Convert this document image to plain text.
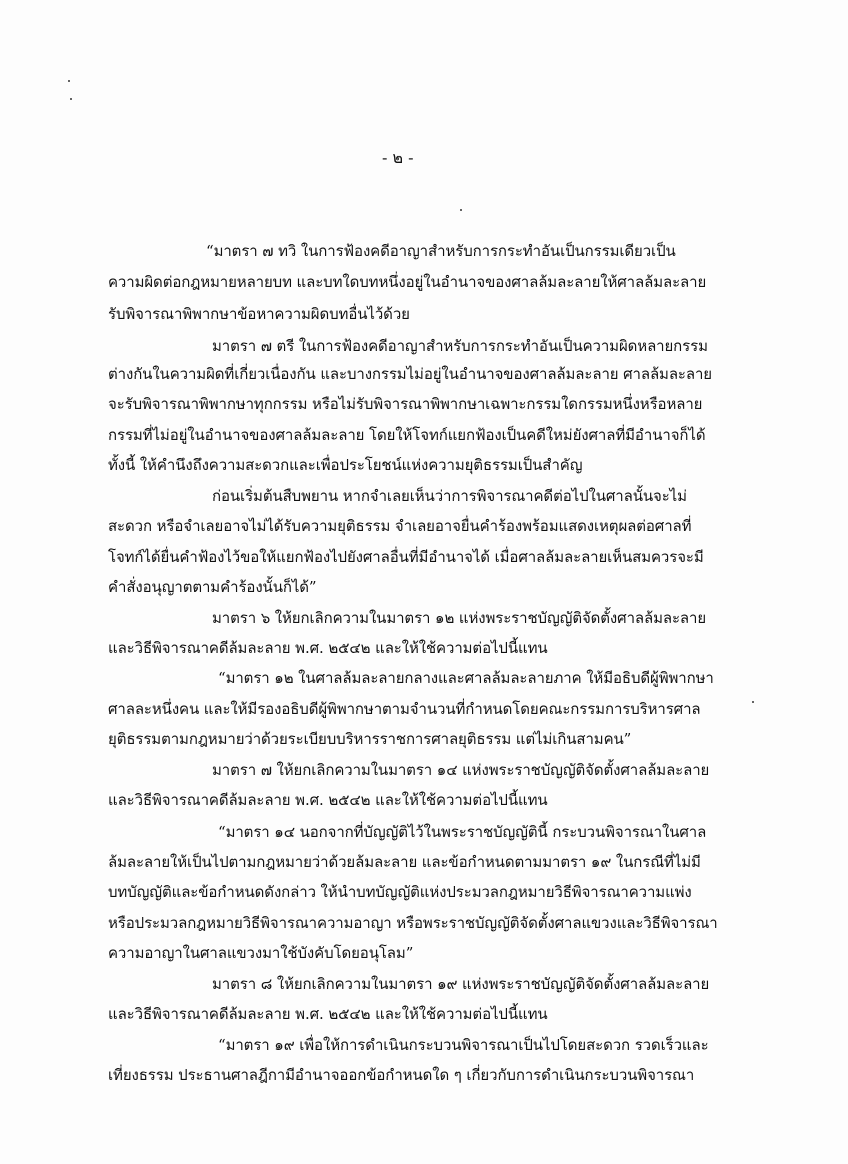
- ๒ -
“มาตรา ๗ ทวิ ในการฟ้องคดีอาญาสำหรับการกระทำอันเป็นกรรมเดียวเป็น
ความผิดต่อกฎหมายหลายบท และบทใดบทหนึ่งอยู่ในอำนาจของศาลล้มละลายให้ศาลล้มละลาย
รับพิจารณาพิพากษาข้อหาความผิดบทอื่นไว้ด้วย
มาตรา ๗ ตรี ในการฟ้องคดีอาญาสำหรับการกระทำอันเป็นความผิดหลายกรรม
ต่างกันในความผิดที่เกี่ยวเนื่องกัน และบางกรรมไม่อยู่ในอำนาจของศาลล้มละลาย ศาลล้มละลาย
จะรับพิจารณาพิพากษาทุกกรรม หรือไม่รับพิจารณาพิพากษาเฉพาะกรรมใดกรรมหนึ่งหรือหลาย
กรรมที่ไม่อยู่ในอำนาจของศาลล้มละลาย โดยให้โจทก์แยกฟ้องเป็นคดีใหม่ยังศาลที่มีอำนาจก็ได้
ทั้งนี้ ให้คำนึงถึงความสะดวกและเพื่อประโยชน์แห่งความยุติธรรมเป็นสำคัญ
ก่อนเริ่มต้นสืบพยาน หากจำเลยเห็นว่าการพิจารณาคดีต่อไปในศาลนั้นจะไม่
สะดวก หรือจำเลยอาจไม่ได้รับความยุติธรรม จำเลยอาจยื่นคำร้องพร้อมแสดงเหตุผลต่อศาลที่
โจทก์ได้ยื่นคำฟ้องไว้ขอให้แยกฟ้องไปยังศาลอื่นที่มีอำนาจได้ เมื่อศาลล้มละลายเห็นสมควรจะมี
คำสั่งอนุญาตตามคำร้องนั้นก็ได้”
มาตรา ๖ ให้ยกเลิกความในมาตรา ๑๒ แห่งพระราชบัญญัติจัดตั้งศาลล้มละลาย
และวิธีพิจารณาคดีล้มละลาย พ.ศ. ๒๕๔๒ และให้ใช้ความต่อไปนี้แทน
“มาตรา ๑๒ ในศาลล้มละลายกลางและศาลล้มละลายภาค ให้มีอธิบดีผู้พิพากษา
ศาลละหนึ่งคน และให้มีรองอธิบดีผู้พิพากษาตามจำนวนที่กำหนดโดยคณะกรรมการบริหารศาล
ยุติธรรมตามกฎหมายว่าด้วยระเบียบบริหารราชการศาลยุติธรรม แต่ไม่เกินสามคน”
มาตรา ๗ ให้ยกเลิกความในมาตรา ๑๔ แห่งพระราชบัญญัติจัดตั้งศาลล้มละลาย
และวิธีพิจารณาคดีล้มละลาย พ.ศ. ๒๕๔๒ และให้ใช้ความต่อไปนี้แทน
“มาตรา ๑๔ นอกจากที่บัญญัติไว้ในพระราชบัญญัตินี้ กระบวนพิจารณาในศาล
ล้มละลายให้เป็นไปตามกฎหมายว่าด้วยล้มละลาย และข้อกำหนดตามมาตรา ๑๙ ในกรณีที่ไม่มี
บทบัญญัติและข้อกำหนดดังกล่าว ให้นำบทบัญญัติแห่งประมวลกฎหมายวิธีพิจารณาความแพ่ง
หรือประมวลกฎหมายวิธีพิจารณาความอาญา หรือพระราชบัญญัติจัดตั้งศาลแขวงและวิธีพิจารณา
ความอาญาในศาลแขวงมาใช้บังคับโดยอนุโลม”
มาตรา ๘ ให้ยกเลิกความในมาตรา ๑๙ แห่งพระราชบัญญัติจัดตั้งศาลล้มละลาย
และวิธีพิจารณาคดีล้มละลาย พ.ศ. ๒๕๔๒ และให้ใช้ความต่อไปนี้แทน
“มาตรา ๑๙ เพื่อให้การดำเนินกระบวนพิจารณาเป็นไปโดยสะดวก รวดเร็วและ
เที่ยงธรรม ประธานศาลฎีกามีอำนาจออกข้อกำหนดใด ๆ เกี่ยวกับการดำเนินกระบวนพิจารณา
